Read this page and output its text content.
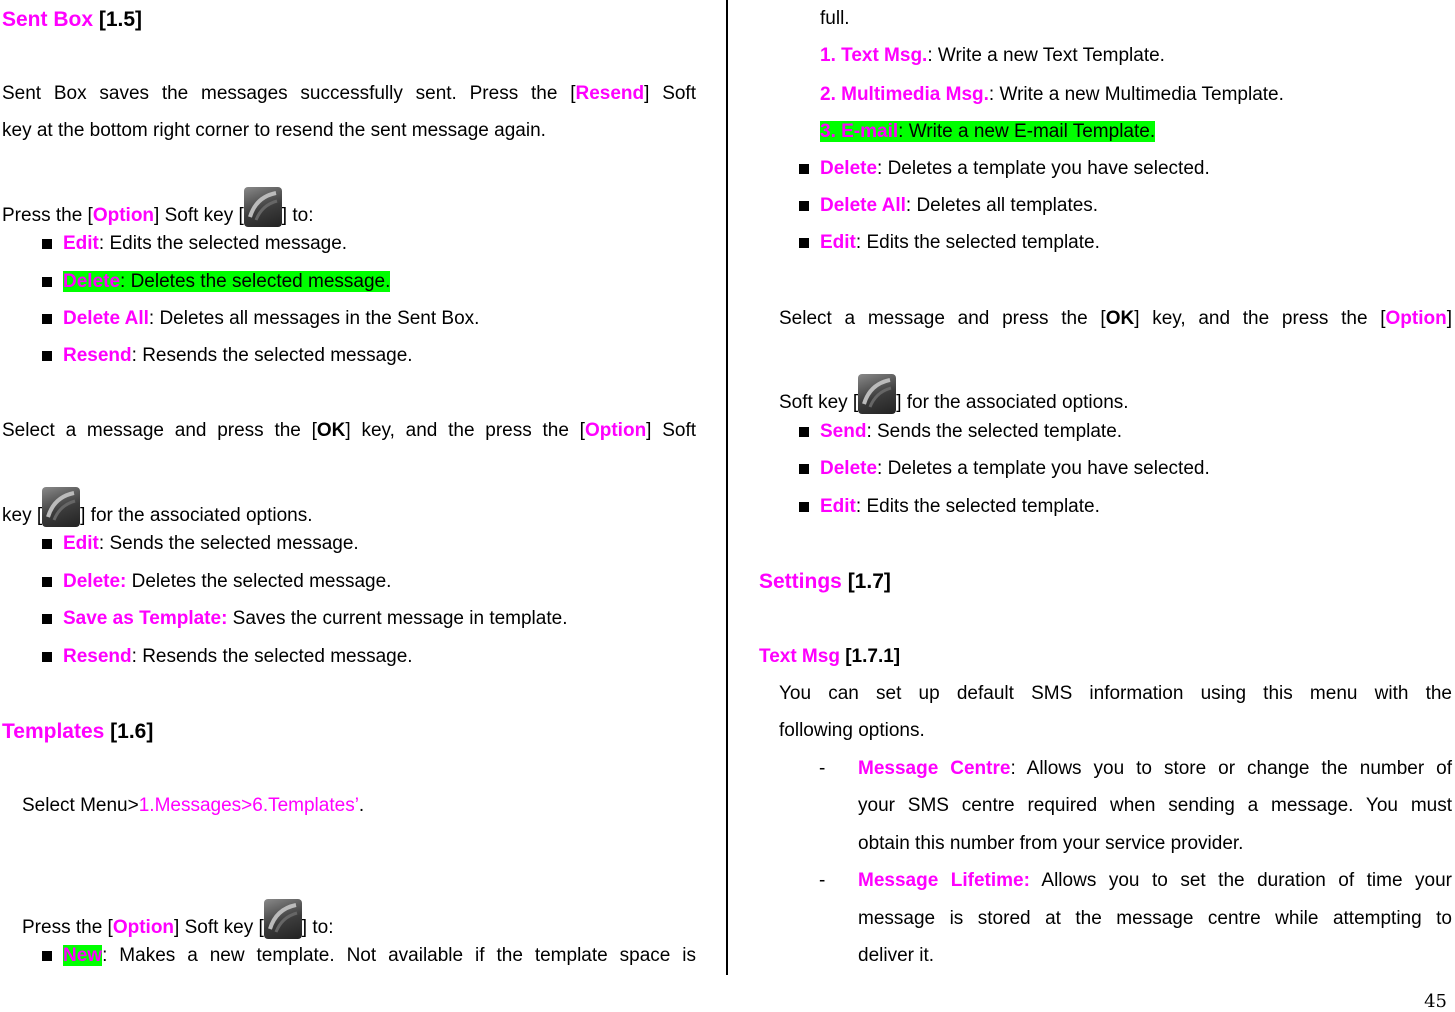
Sent Box [1.5]
Sent Box saves the messages successfully sent. Press the [Resend] Soft
key at the bottom right corner to resend the sent message again.
Press the [Option] Soft key [ ] to:
Edit: Edits the selected message.
Delete: Deletes the selected message.
Delete All: Deletes all messages in the Sent Box.
Resend: Resends the selected message.
Select a message and press the [OK] key, and the press the [Option] Soft
key [ ] for the associated options.
Edit: Sends the selected message.
Delete: Deletes the selected message.
Save as Template: Saves the current message in template.
Resend: Resends the selected message.
Templates [1.6]
Select Menu>1.Messages>6.Templates’.
Press the [Option] Soft key [ ] to:
New: Makes a new template. Not available if the template space is
full.
1. Text Msg.: Write a new Text Template.
2. Multimedia Msg.: Write a new Multimedia Template.
3. E-mail: Write a new E-mail Template.
Delete: Deletes a template you have selected.
Delete All: Deletes all templates.
Edit: Edits the selected template.
Select a message and press the [OK] key, and the press the [Option]
Soft key [ ] for the associated options.
Send: Sends the selected template.
Delete: Deletes a template you have selected.
Edit: Edits the selected template.
Settings [1.7]
Text Msg [1.7.1]
You can set up default SMS information using this menu with the
following options.
- Message Centre: Allows you to store or change the number of
your SMS centre required when sending a message. You must
obtain this number from your service provider.
- Message Lifetime: Allows you to set the duration of time your
message is stored at the message centre while attempting to
deliver it.
45
